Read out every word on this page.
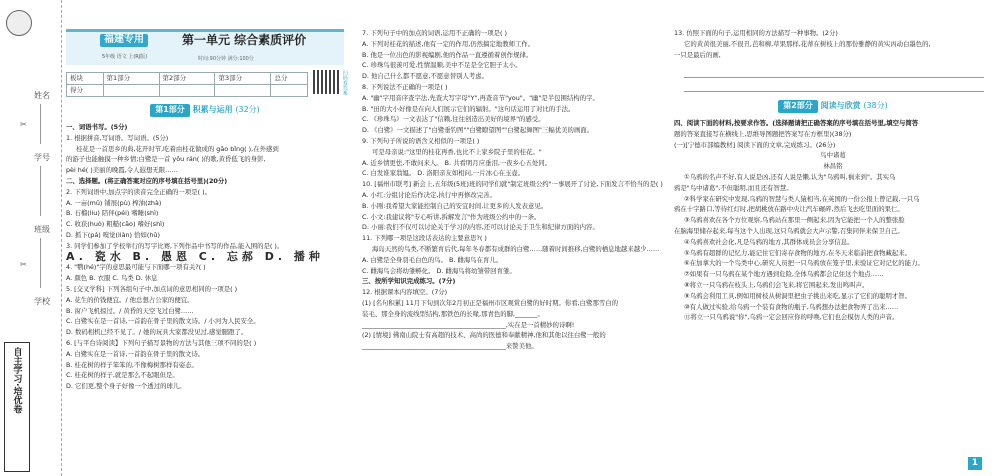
姓名
学号
班级
学校
✂
✂
自主学习·培优卷
福建专用
5年级 语文 上(RJ版)
第一单元 综合素质评价
时间:90分钟 满分:100分
板块	第1部分	第2部分	第3部分	总分
得分					扫码看答案
第1部分 积累与运用 (32分)

一、词语书写。(5分)

1. 根据拼音,写词语。写词语。(5分)

桂花是一首思乡的典,花开时节,吃着由桂花做成的 gāo bǐng( ),在外感到

的游子也能触摸一种乡情;白鹭是一首 yōu rán( )的歌,黄昏低飞的身影,

pèi hé( )美丽的晚霞,令人遐想无限……

二、选择题。(将正确答案对应的序号填在括号里)(20分)

2. 下列词语中,加点字的读音完全正确的一项是( )。

A. 一亩(mǔ) 铺展(pù) 榨油(zhà)

B. 石榴(liu) 陪伴(péi) 嗜睡(shì)

C. 收获(huò) 粗糙(cāo) 嗜好(shì)

D. 抓下(pá) 嗅觉(liàn) 恰如(hǔ)

3. 同学们参加了学校举行的写字比赛,下列作品中书写的作品,能入围的是( )。

A. 瓷水 B. 愚恩 C. 忘郝 D. 播种

4. "鹦(hé)"字的意思最可能与下面哪一项有关?( )

A. 颜色 B. 衣服 C. 鸟类 D. 休息

5. [交叉学科] 下列各组句子中,加点词的意思相同的一项是( )

A. 花生的价钱便宜。/ 他总想占公家的便宜。

B. 窗户飞机掠过。/ 黄昏的天空飞过白鹭……

C. 白鹭实在是一首诗,一首韵在骨子里的散文诗。/ 小河为人民安全。

D. 数码相机已经不见了。/ 她的玩具大家都没见过,感觉腿蹬了。

6. [与平台诗阅读】下列句子描写景物的方法与其他三项不同的是( )

A. 白鹭实在是一首诗,一首韵在骨子里的散文诗。

B. 桂花树的样子笨笨的,不像梅树那样有姿态。

C. 桂花树的样子,就是那么不起眼但是。

D. 它们更,整个身子好像一个透过的球儿。

7. 下列句子中的加点的词语,运用不正确的一项是( )

A. 下列对桂花的描述,他有一定的作用,仍然搞定地教师工作。

B. 他是一位出色的影视编剧,他的作品一直遵循着创作规律。

C. 珍珠鸟很羡可爱,性情温顺,美中不足是全它胆子太小。

D. 他自己什么都不愿意,不愿意替别人考虑。

8. 下列说法不正确的一项是( )

A. "幽"字用音序查字法,先查大写字母"Y",再查音节"you"。"幽"是半包围结构的字。

B. "田的大小好像是在向人们展示它们的辐射。"这句话运用了对比的手法。

C. 《珍珠鸟》一文表达了"信赖,往往创造出美好的境界"的感受。

D. 《白鹭》一文描述了"白鹭垂钓图""白鹭瞭望图""白鹭起舞图"三幅优美的画面。

9. 下列句子所说的语含义相似的一项是( )

可是母亲说:"这里的桂花再香,也比不上家乡院子里的桂花。"

A. 近乡情更怯,不敢问来人。 B. 共看明月应垂泪,一夜乡心五处同。

C. 白发谁家翁媪。 D. 洛阳亲友如相问,一片冰心在玉壶。

10. [福州市联考] 新会上,五年级(5班)班的同学们就"制定班级公约"一事展开了讨论,下面发言不恰当的是( )

A. 小红:分组讨论后作决定,执行中再修改完善。

B. 小刚:我希望大家能控制自己的安宜时间,让更多的人发表意见。

C. 小文:我建议将"专心听讲,拆解发言"作为班级公约中的一条。

D. 小丽:我们不仅可以讨论关于学习的内容,还可以讨论关于卫生和纪律方面的内容。

11. 下列哪一项是这段话表达的主要意思?( )

海岛天然的鸟类,不断繁育后代,每年冬春都有成群的白鹭……随着时间推移,白鹭的栖息地越来越少……

A. 白鹭是全身羽毛白色的鸟。 B. 雌海鸟在育儿。

C. 雌海鸟会将幼雏孵化。 D. 雌海鸟将幼雏带回育雏。

三、按所学知识完成练习。(7分)

12. 根据课本内容填空。(7分)

(1) [名句积累] 11月下旬到次年2月初正是福州市区观赏白鹭的好时期。你看,白鹭那雪白的

装毛、那全身的流线型结构,那铁色的长喙,那青色的脚,_______。

_____________________________________________,实在是一首精妙的诗啊!

(2) [情境] 佛南山院士有高超的技术、高尚的医德和奉献精神,他和其他以往白鹭一般的

_____________________________________________来赞美他。

13. 仿照下面的句子,运用相同的方法描写一种事物。(2分)

它的黄黄很美丽,不很丑,芭和柳,草果那样,花蒂在树枝上的那份雅静的黄实丙动白墨色的,

一只是最后的画,

第2部分 阅读与欣赏 (38分)

四、阅读下面的材料,按要求作答。(选择题请把正确答案的序号填在括号里,填空与简答

题的答案直接写在横线上,思维导图题把答案写在方框里)(38分)

(一)[宁德市部编教材] 阅读下面的文章,完成练习。(26分)

鸟中诸葛

林昌铭

①乌鸦的名声不好,有人说是凶,还有人说是懒,认为"乌鸦叫,祸来到"。其实乌

鸦是"鸟中诸葛",不但聪明,而且还有智慧。

②科学家在研究中发现,乌鸦的智慧与类人猿相当,在英国的一份公报上曾记载,一只乌

鸦在十字路口,等待红灯时,把胡桃放在路中央让汽车碾碎,然后飞去吃里面的果仁。

③乌鸦喜欢在各个方位观察,乌鸦站在那里一侧起来,因为它能把一个人的整张脸

在脑海里储存起来,每当这个人出现,这只乌鸦就会大声示警,召集同伴来保卫自己。

④乌鸦喜欢社会化,凡是鸟鸦的地方,其群体成员会分享信息。

⑤乌鸦有超群的记忆力,能记住它们寄存食物的地方,在冬天来临前把食物藏起来。

⑥在加拿大的一个鸟类中心,研究人员把一只乌鸦放在笼子里,来验证它对记忆的能力。

⑦如果有一只乌鸦在某个地方遇到危险,全体乌鸦都会记住这个地点……

⑧将立一只乌鸦在枝头上,乌鸦们会飞来,将它围起来,发出鸣叫声。

⑨乌鸦会利用工具,例如用树枝从树洞里把虫子挑出来吃,显示了它们的聪明才智。

⑩有人做过实验,给乌鸦一个装有食物的瓶子,乌鸦想办法把食物弄了出来……

⑪将立一只乌鸦说"你",乌鸦一定会回应你的呼唤,它们也会模仿人类的声音。

1
